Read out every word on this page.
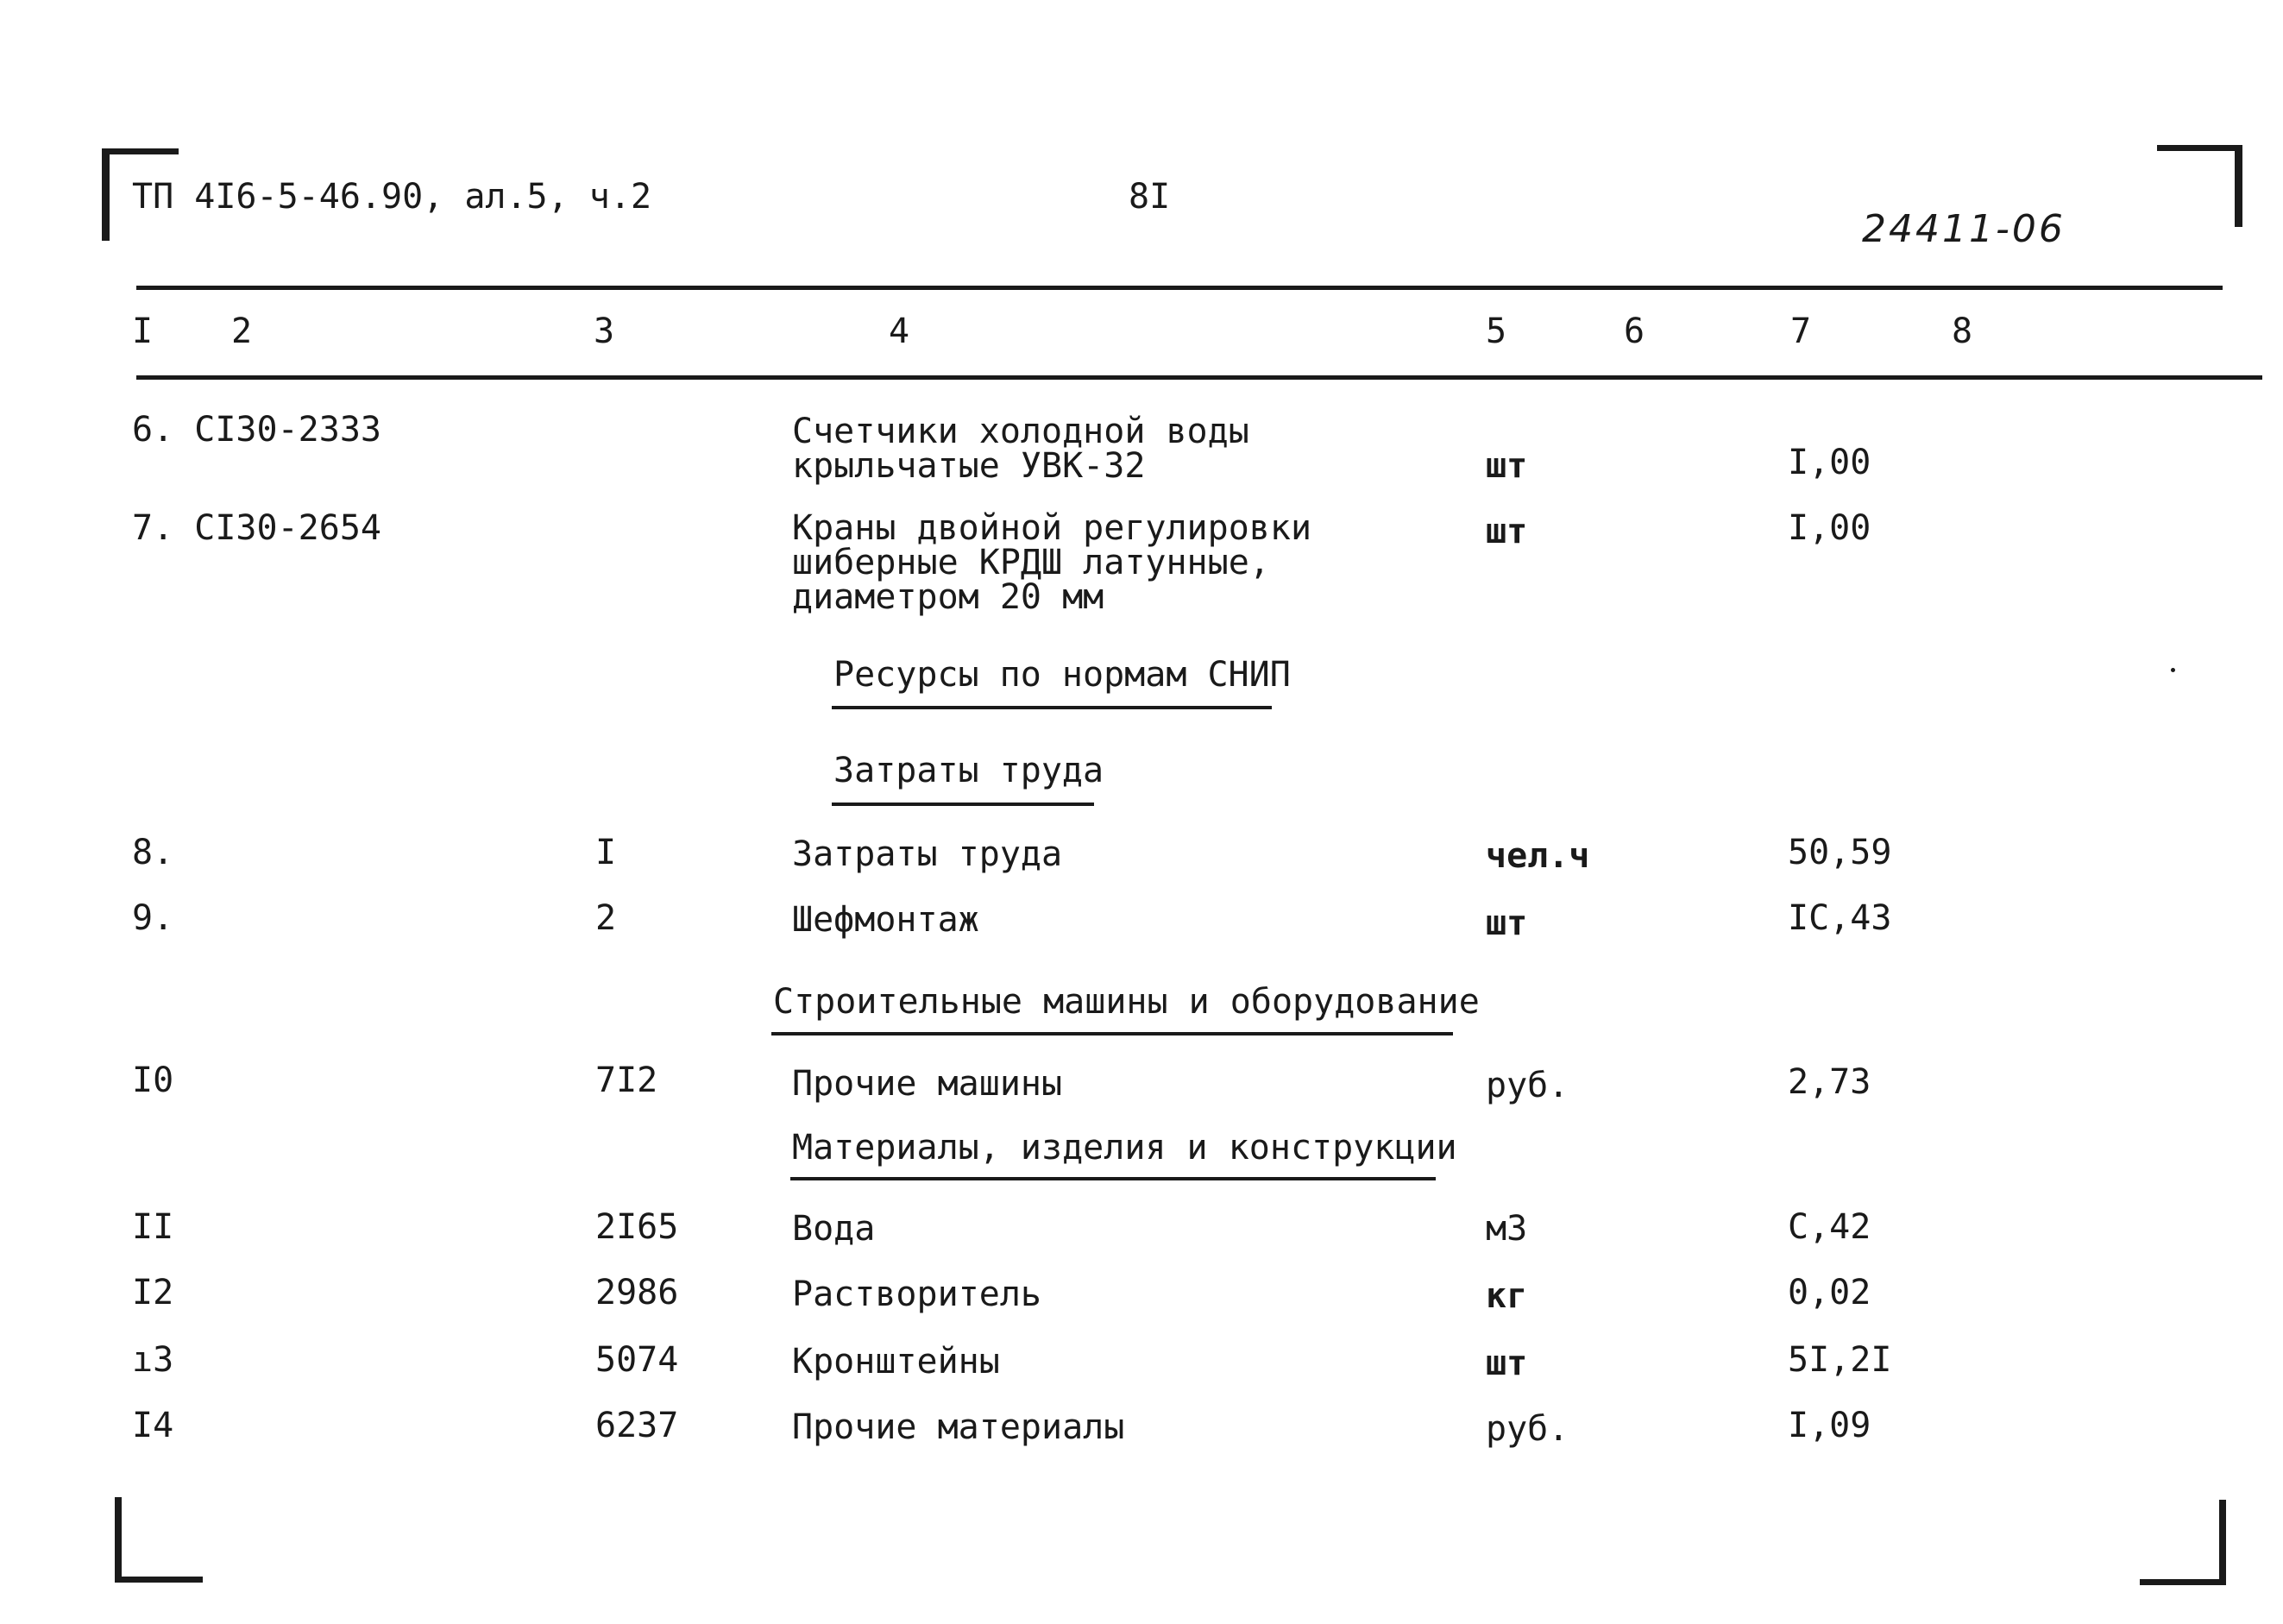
ТП 4I6-5-46.90, ал.5, ч.2	8I
24411-06
I 2	3	4	5	6	7	8
6. СI30-2333	Счетчики холодной воды
крыльчатые УВК-32	шт	I,00
7. СI30-2654	Краны двойной регулировки
шиберные КРДШ латунные,
диаметром 20 мм
шт	I,00
Ресурсы по нормам СНИП
Затраты труда
8.	I	Затраты труда	чел.ч	50,59
9.	2	Шефмонтаж	шт	IC,43
Строительные машины и оборудование
I0	7I2	Прочие машины	руб.	2,73
Материалы, изделия и конструкции
II	2I65	Вода	м3	C,42
I2	2986	Растворитель	кг	0,02
ıЗ	5074	Кронштейны	шт	5I,2I
I4	6237	Прочие материалы	руб.	I,09
